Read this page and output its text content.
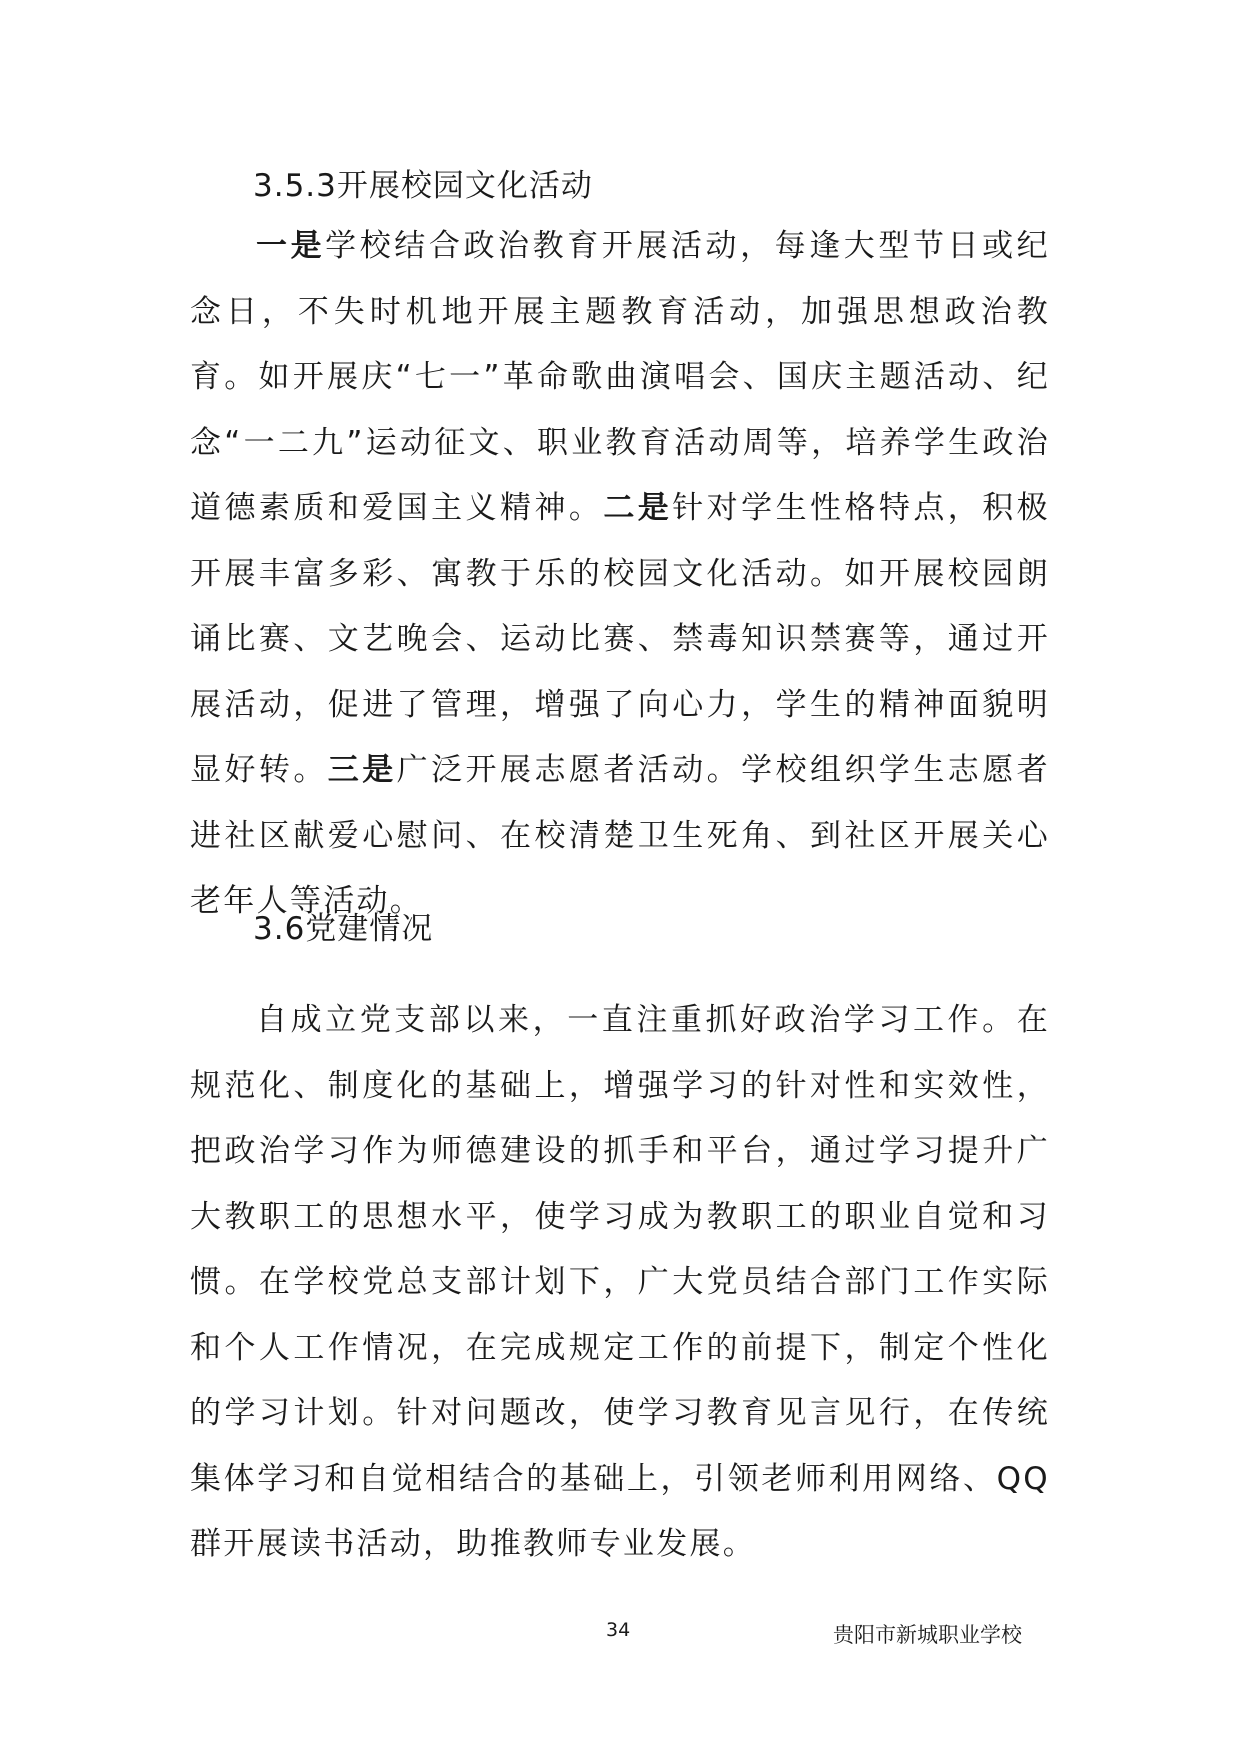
3.5.3开展校园文化活动

一是学校结合政治教育开展活动，每逢大型节日或纪念日，不失时机地开展主题教育活动，加强思想政治教育。如开展庆“七一”革命歌曲演唱会、国庆主题活动、纪念“一二九”运动征文、职业教育活动周等，培养学生政治道德素质和爱国主义精神。二是针对学生性格特点，积极开展丰富多彩、寓教于乐的校园文化活动。如开展校园朗诵比赛、文艺晚会、运动比赛、禁毒知识禁赛等，通过开展活动，促进了管理，增强了向心力，学生的精神面貌明显好转。三是广泛开展志愿者活动。学校组织学生志愿者进社区献爱心慰问、在校清楚卫生死角、到社区开展关心老年人等活动。

3.6党建情况

自成立党支部以来，一直注重抓好政治学习工作。在规范化、制度化的基础上，增强学习的针对性和实效性，把政治学习作为师德建设的抓手和平台，通过学习提升广大教职工的思想水平，使学习成为教职工的职业自觉和习惯。在学校党总支部计划下，广大党员结合部门工作实际和个人工作情况，在完成规定工作的前提下，制定个性化的学习计划。针对问题改，使学习教育见言见行，在传统集体学习和自觉相结合的基础上，引领老师利用网络、QQ群开展读书活动，助推教师专业发展。

34	贵阳市新城职业学校
